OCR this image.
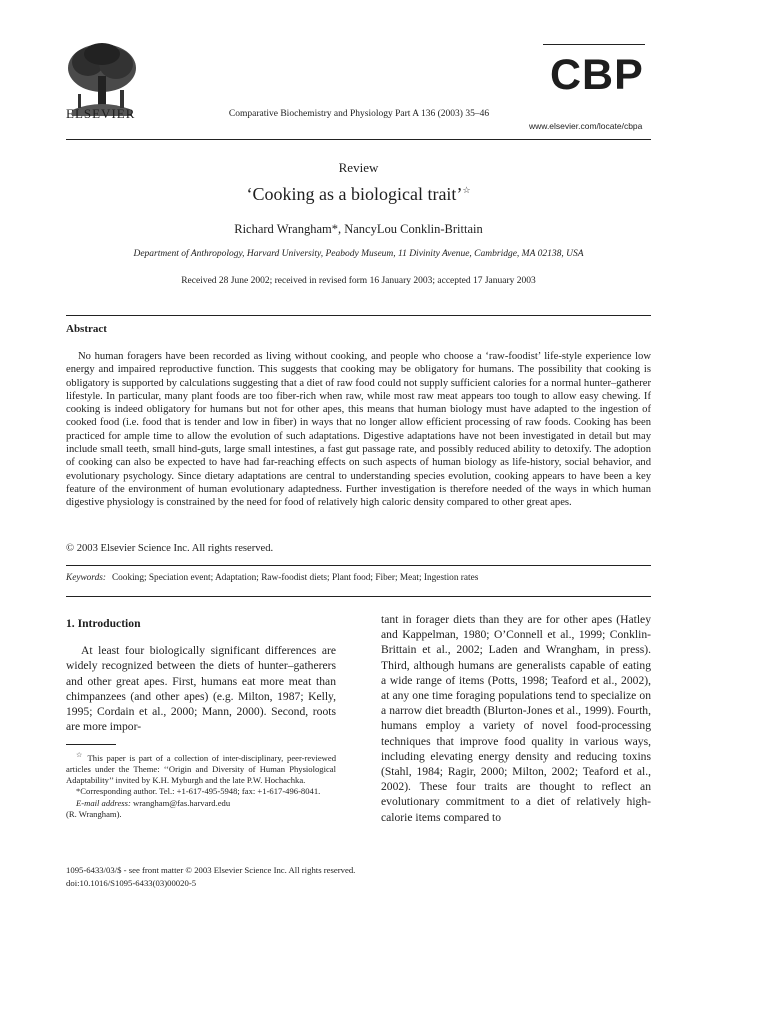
ELSEVIER	Comparative Biochemistry and Physiology Part A 136 (2003) 35–46
CBP
www.elsevier.com/locate/cbpa
Review
‘Cooking as a biological trait’☆
Richard Wrangham*, NancyLou Conklin-Brittain
Department of Anthropology, Harvard University, Peabody Museum, 11 Divinity Avenue, Cambridge, MA 02138, USA
Received 28 June 2002; received in revised form 16 January 2003; accepted 17 January 2003
Abstract

No human foragers have been recorded as living without cooking, and people who choose a ‘raw-foodist’ life-style experience low energy and impaired reproductive function. This suggests that cooking may be obligatory for humans. The possibility that cooking is obligatory is supported by calculations suggesting that a diet of raw food could not supply sufficient calories for a normal hunter–gatherer lifestyle. In particular, many plant foods are too fiber-rich when raw, while most raw meat appears too tough to allow easy chewing. If cooking is indeed obligatory for humans but not for other apes, this means that human biology must have adapted to the ingestion of cooked food (i.e. food that is tender and low in fiber) in ways that no longer allow efficient processing of raw foods. Cooking has been practiced for ample time to allow the evolution of such adaptations. Digestive adaptations have not been investigated in detail but may include small teeth, small hind-guts, large small intestines, a fast gut passage rate, and possibly reduced ability to detoxify. The adoption of cooking can also be expected to have had far-reaching effects on such aspects of human biology as life-history, social behavior, and evolutionary psychology. Since dietary adaptations are central to understanding species evolution, cooking appears to have been a key feature of the environment of human evolutionary adaptedness. Further investigation is therefore needed of the ways in which human digestive physiology is constrained by the need for food of relatively high caloric density compared to other great apes.

© 2003 Elsevier Science Inc. All rights reserved.
Keywords: Cooking; Speciation event; Adaptation; Raw-foodist diets; Plant food; Fiber; Meat; Ingestion rates
1. Introduction

At least four biologically significant differences are widely recognized between the diets of hunter–gatherers and other great apes. First, humans eat more meat than chimpanzees (and other apes) (e.g. Milton, 1987; Kelly, 1995; Cordain et al., 2000; Mann, 2000). Second, roots are more impor-

tant in forager diets than they are for other apes (Hatley and Kappelman, 1980; O’Connell et al., 1999; Conklin-Brittain et al., 2002; Laden and Wrangham, in press). Third, although humans are generalists capable of eating a wide range of items (Potts, 1998; Teaford et al., 2002), at any one time foraging populations tend to specialize on a narrow diet breadth (Blurton-Jones et al., 1999). Fourth, humans employ a variety of novel food-processing techniques that improve food quality in various ways, including elevating energy density and reducing toxins (Stahl, 1984; Ragir, 2000; Milton, 2002; Teaford et al., 2002). These four traits are thought to reflect an evolutionary commitment to a diet of relatively high-calorie items compared to

☆ This paper is part of a collection of inter-disciplinary, peer-reviewed articles under the Theme: ‘‘Origin and Diversity of Human Physiological Adaptability’’ invited by K.H. Myburgh and the late P.W. Hochachka.

*Corresponding author. Tel.: +1-617-495-5948; fax: +1-617-496-8041.

E-mail address: wrangham@fas.harvard.edu

(R. Wrangham).
1095-6433/03/$ - see front matter © 2003 Elsevier Science Inc. All rights reserved.
doi:10.1016/S1095-6433(03)00020-5
